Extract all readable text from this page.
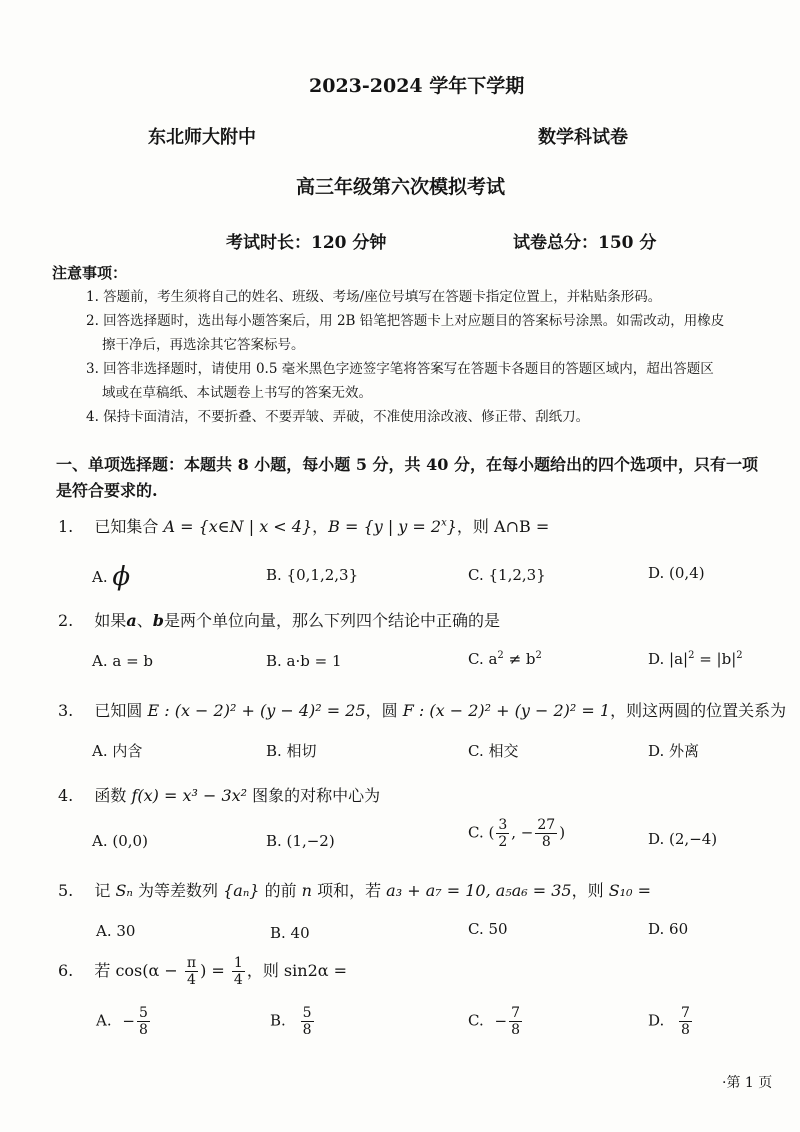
2023-2024 学年下学期
东北师大附中	数学科试卷
高三年级第六次模拟考试
考试时长：120 分钟	试卷总分：150 分
注意事项：
1. 答题前，考生须将自己的姓名、班级、考场/座位号填写在答题卡指定位置上，并粘贴条形码。
2. 回答选择题时，选出每小题答案后，用 2B 铅笔把答题卡上对应题目的答案标号涂黑。如需改动，用橡皮
擦干净后，再选涂其它答案标号。
3. 回答非选择题时，请使用 0.5 毫米黑色字迹签字笔将答案写在答题卡各题目的答题区域内，超出答题区
域或在草稿纸、本试题卷上书写的答案无效。
4. 保持卡面清洁，不要折叠、不要弄皱、弄破，不准使用涂改液、修正带、刮纸刀。
一、单项选择题：本题共 8 小题，每小题 5 分，共 40 分，在每小题给出的四个选项中，只有一项
是符合要求的.
1. 已知集合 A = {x∈N | x < 4}，B = {y | $y = 2^x$}，则 A∩B =
A. ϕ	B. {0,1,2,3}	C. {1,2,3}	D. (0,4)
2. 如果a、b是两个单位向量，那么下列四个结论中正确的是
A. a = b	B. a·b = 1	C. $a^2 \ne b^2$	D. $|a|^2 = |b|^2$
3. 已知圆 E : (x − 2)² + (y − 4)² = 25，圆 F : (x − 2)² + (y − 2)² = 1，则这两圆的位置关系为
A. 内含	B. 相切	C. 相交	D. 外离
4. 函数 f(x) = x³ − 3x² 图象的对称中心为
A. (0,0)	B. (1,−2)	C. ( $\frac{3}{2}$ , − $\frac{27}{8}$ )	D. (2,−4)
5. 记 Sₙ 为等差数列 {aₙ} 的前 n 项和，若 a₃ + a₇ = 10, a₅a₆ = 35，则 S₁₀ =
A. 30	B. 40	C. 50	D. 60
6. 若 $\cos(\alpha - \frac{\pi}{4}$ ) = $\frac{1}{4}$ ，则 sin2α =
A. − $\frac{5}{8}$	B. $\frac{5}{8}$	C. − $\frac{7}{8}$	D. $\frac{7}{8}$
·第 1 页
